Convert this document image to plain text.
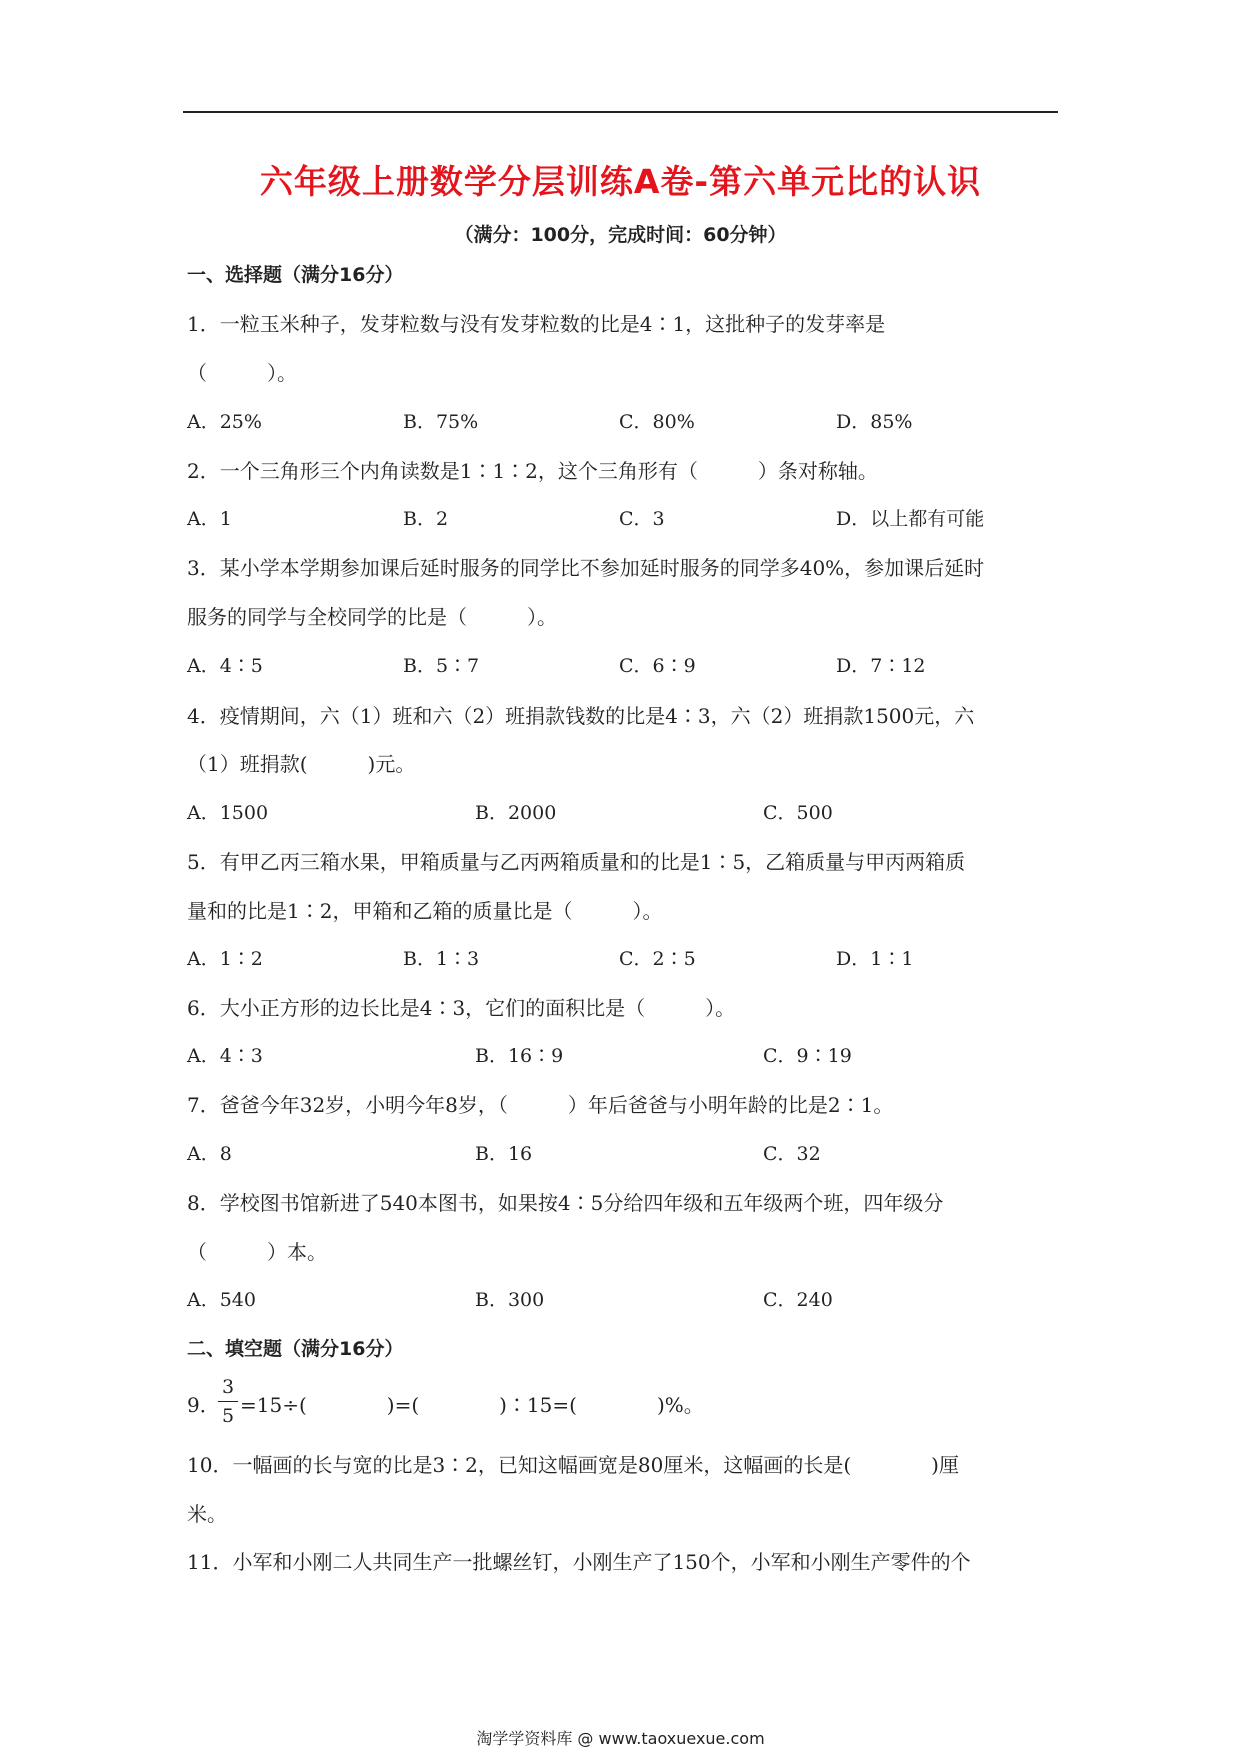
六年级上册数学分层训练A卷-第六单元比的认识
（满分：100分，完成时间：60分钟）
一、选择题（满分16分）
1．一粒玉米种子，发芽粒数与没有发芽粒数的比是4∶1，这批种子的发芽率是
（　　　）。
A．25%	B．75%	C．80%	D．85%
2．一个三角形三个内角读数是1∶1∶2，这个三角形有（　　　）条对称轴。
A．1	B．2	C．3	D．以上都有可能
3．某小学本学期参加课后延时服务的同学比不参加延时服务的同学多40%，参加课后延时
服务的同学与全校同学的比是（　　　）。
A．4∶5	B．5∶7	C．6∶9	D．7∶12
4．疫情期间，六（1）班和六（2）班捐款钱数的比是4∶3，六（2）班捐款1500元，六
（1）班捐款(　　　)元。
A．1500	B．2000	C．500
5．有甲乙丙三箱水果，甲箱质量与乙丙两箱质量和的比是1∶5，乙箱质量与甲丙两箱质
量和的比是1∶2，甲箱和乙箱的质量比是（　　　）。
A．1∶2	B．1∶3	C．2∶5	D．1∶1
6．大小正方形的边长比是4∶3，它们的面积比是（　　　）。
A．4∶3	B．16∶9	C．9∶19
7．爸爸今年32岁，小明今年8岁，（　　　）年后爸爸与小明年龄的比是2∶1。
A．8	B．16	C．32
8．学校图书馆新进了540本图书，如果按4∶5分给四年级和五年级两个班，四年级分
（　　　）本。
A．540	B．300	C．240
二、填空题（满分16分）
9．
3
5 =15÷(　　　　)=(　　　　)∶15=(　　　　)%。
10．一幅画的长与宽的比是3∶2，已知这幅画宽是80厘米，这幅画的长是(　　　　)厘
米。
11．小军和小刚二人共同生产一批螺丝钉，小刚生产了150个，小军和小刚生产零件的个
淘学学资料库 @ www.taoxuexue.com
